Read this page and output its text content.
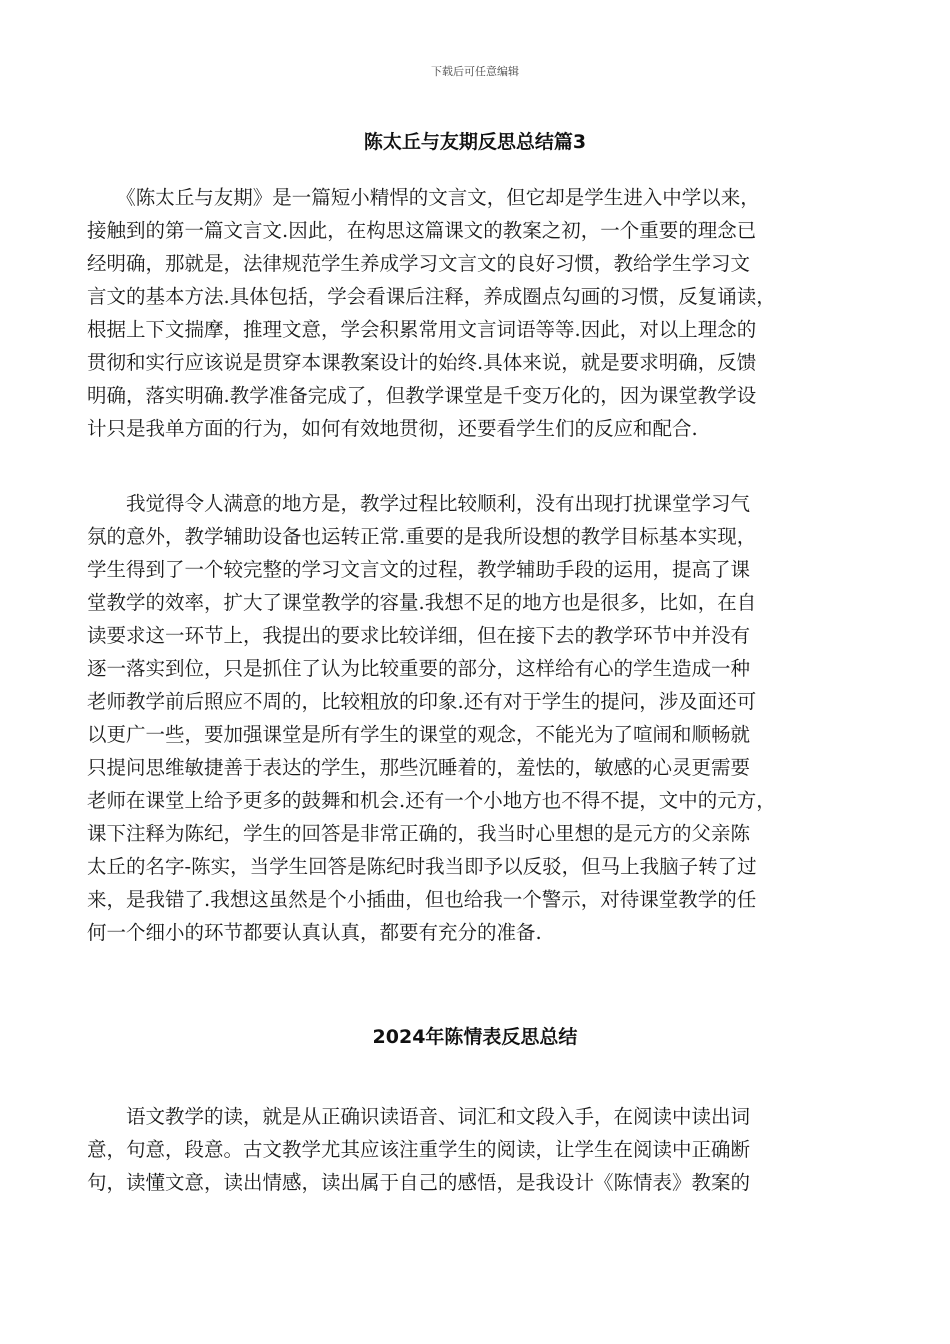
下载后可任意编辑
陈太丘与友期反思总结篇3
　　《陈太丘与友期》是一篇短小精悍的文言文，但它却是学生进入中学以来，
接触到的第一篇文言文.因此，在构思这篇课文的教案之初，一个重要的理念已
经明确，那就是，法律规范学生养成学习文言文的良好习惯，教给学生学习文
言文的基本方法.具体包括，学会看课后注释，养成圈点勾画的习惯，反复诵读，
根据上下文揣摩，推理文意，学会积累常用文言词语等等.因此，对以上理念的
贯彻和实行应该说是贯穿本课教案设计的始终.具体来说，就是要求明确，反馈
明确，落实明确.教学准备完成了，但教学课堂是千变万化的，因为课堂教学设
计只是我单方面的行为，如何有效地贯彻，还要看学生们的反应和配合.
　　我觉得令人满意的地方是，教学过程比较顺利，没有出现打扰课堂学习气
氛的意外，教学辅助设备也运转正常.重要的是我所设想的教学目标基本实现，
学生得到了一个较完整的学习文言文的过程，教学辅助手段的运用，提高了课
堂教学的效率，扩大了课堂教学的容量.我想不足的地方也是很多，比如，在自
读要求这一环节上，我提出的要求比较详细，但在接下去的教学环节中并没有
逐一落实到位，只是抓住了认为比较重要的部分，这样给有心的学生造成一种
老师教学前后照应不周的，比较粗放的印象.还有对于学生的提问，涉及面还可
以更广一些，要加强课堂是所有学生的课堂的观念，不能光为了喧闹和顺畅就
只提问思维敏捷善于表达的学生，那些沉睡着的，羞怯的，敏感的心灵更需要
老师在课堂上给予更多的鼓舞和机会.还有一个小地方也不得不提，文中的元方，
课下注释为陈纪，学生的回答是非常正确的，我当时心里想的是元方的父亲陈
太丘的名字-陈实，当学生回答是陈纪时我当即予以反驳，但马上我脑子转了过
来，是我错了.我想这虽然是个小插曲，但也给我一个警示，对待课堂教学的任
何一个细小的环节都要认真认真，都要有充分的准备.
2024年陈情表反思总结
　　语文教学的读，就是从正确识读语音、词汇和文段入手，在阅读中读出词
意，句意，段意。古文教学尤其应该注重学生的阅读，让学生在阅读中正确断
句，读懂文意，读出情感，读出属于自己的感悟，是我设计《陈情表》教案的
